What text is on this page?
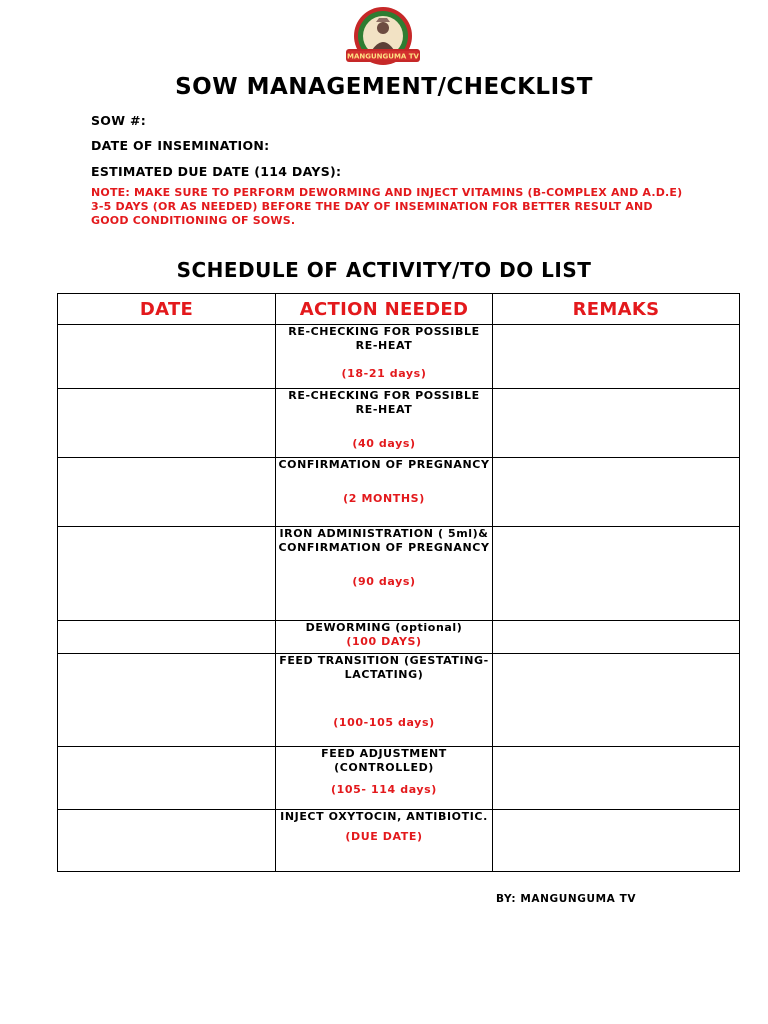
MANGUNGUMA TV
SOW MANAGEMENT/CHECKLIST
SOW #:
DATE OF INSEMINATION:
ESTIMATED DUE DATE (114 DAYS):
NOTE: MAKE SURE TO PERFORM DEWORMING AND INJECT VITAMINS (B-COMPLEX AND A.D.E) 3-5 DAYS (OR AS NEEDED) BEFORE THE DAY OF INSEMINATION FOR BETTER RESULT AND GOOD CONDITIONING OF SOWS.
SCHEDULE OF ACTIVITY/TO DO LIST
DATE	ACTION NEEDED	REMAKS

	RE-CHECKING FOR POSSIBLE RE-HEAT
(18-21 days)	

	RE-CHECKING FOR POSSIBLE RE-HEAT
(40 days)	

	CONFIRMATION OF PREGNANCY
(2 MONTHS)	

	IRON ADMINISTRATION ( 5ml)& CONFIRMATION OF PREGNANCY
(90 days)	

	DEWORMING (optional)
(100 DAYS)	

	FEED TRANSITION (GESTATING-LACTATING)
(100-105 days)	

	FEED ADJUSTMENT (CONTROLLED)
(105- 114 days)	

	INJECT OXYTOCIN, ANTIBIOTIC.
(DUE DATE)	

BY: MANGUNGUMA TV
